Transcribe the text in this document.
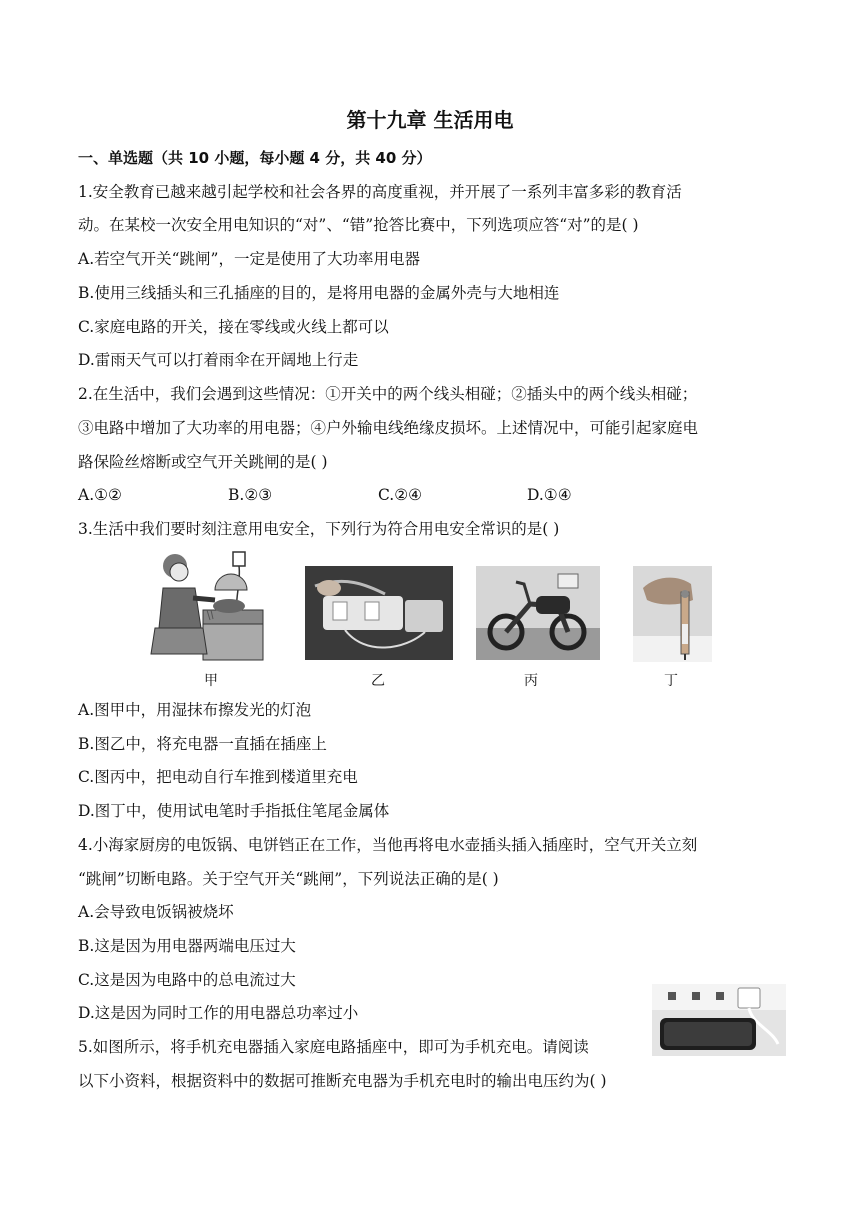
第十九章 生活用电
一、单选题（共 10 小题，每小题 4 分，共 40 分）
1.安全教育已越来越引起学校和社会各界的高度重视，并开展了一系列丰富多彩的教育活
动。在某校一次安全用电知识的“对”、“错”抢答比赛中，下列选项应答“对”的是( )
A.若空气开关“跳闸”，一定是使用了大功率用电器
B.使用三线插头和三孔插座的目的，是将用电器的金属外壳与大地相连
C.家庭电路的开关，接在零线或火线上都可以
D.雷雨天气可以打着雨伞在开阔地上行走
2.在生活中，我们会遇到这些情况：①开关中的两个线头相碰；②插头中的两个线头相碰；
③电路中增加了大功率的用电器；④户外输电线绝缘皮损坏。上述情况中，可能引起家庭电
路保险丝熔断或空气开关跳闸的是( )
A.①②	B.②③	C.②④	D.①④
3.生活中我们要时刻注意用电安全，下列行为符合用电安全常识的是( )
甲	乙	丙	丁
A.图甲中，用湿抹布擦发光的灯泡
B.图乙中，将充电器一直插在插座上
C.图丙中，把电动自行车推到楼道里充电
D.图丁中，使用试电笔时手指抵住笔尾金属体
4.小海家厨房的电饭锅、电饼铛正在工作，当他再将电水壶插头插入插座时，空气开关立刻
“跳闸”切断电路。关于空气开关“跳闸”，下列说法正确的是( )
A.会导致电饭锅被烧坏
B.这是因为用电器两端电压过大
C.这是因为电路中的总电流过大
D.这是因为同时工作的用电器总功率过小
5.如图所示，将手机充电器插入家庭电路插座中，即可为手机充电。请阅读
以下小资料，根据资料中的数据可推断充电器为手机充电时的输出电压约为( )
